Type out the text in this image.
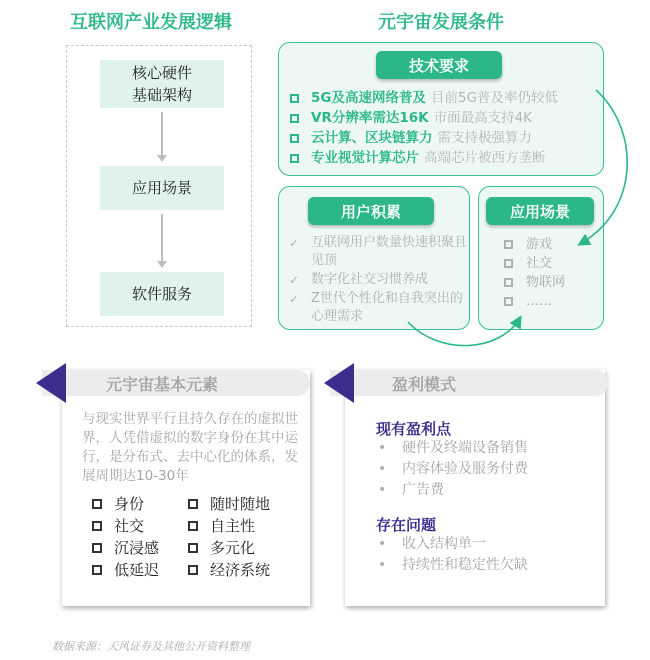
互联网产业发展逻辑	元宇宙发展条件
核心硬件
基础架构
应用场景
软件服务
技术要求
用户积累	应用场景
5G及高速网络普及 目前5G普及率仍较低
VR分辨率需达16K 市面最高支持4K
云计算、区块链算力 需支持极强算力
专业视觉计算芯片 高端芯片被西方垄断
✓ 互联网用户数量快速积聚且见顶
✓ 数字化社交习惯养成
✓ Z世代个性化和自我突出的心理需求
游戏
社交
物联网
……
元宇宙基本元素
与现实世界平行且持久存在的虚拟世界，人凭借虚拟的数字身份在其中运行，是分布式、去中心化的体系，发展周期达10-30年
身份	随时随地
社交	自主性
沉浸感	多元化
低延迟	经济系统
盈利模式
现有盈利点
• 硬件及终端设备销售
• 内容体验及服务付费
• 广告费
存在问题
• 收入结构单一
• 持续性和稳定性欠缺
数据来源：天风证券及其他公开资料整理
